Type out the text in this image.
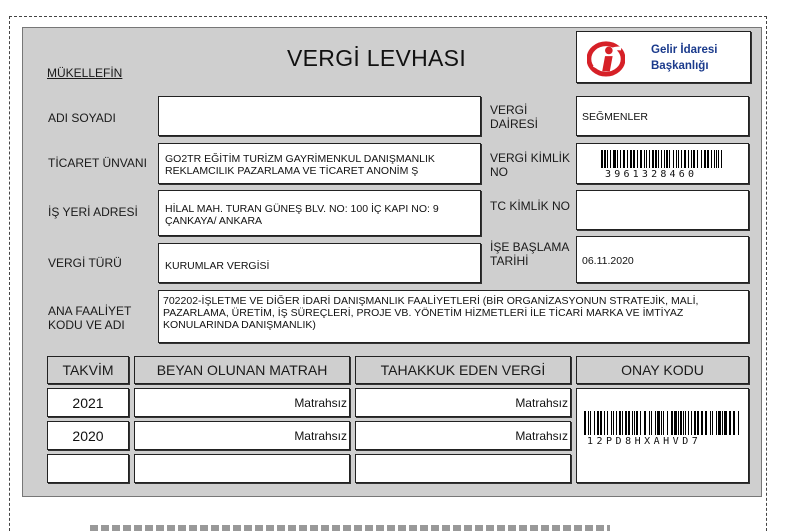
VERGİ LEVHASI
MÜKELLEFİN
Gelir İdaresi
Başkanlığı
ADI SOYADI
TİCARET ÜNVANI GO2TR EĞİTİM TURİZM GAYRİMENKUL DANIŞMANLIK
REKLAMCILIK PAZARLAMA VE TİCARET ANONİM Ş
İŞ YERİ ADRESİ	HİLAL MAH. TURAN GÜNEŞ BLV. NO: 100 İÇ KAPI NO: 9
ÇANKAYA/ ANKARA
VERGİ TÜRÜ	KURUMLAR VERGİSİ
ANA FAALİYET
KODU VE ADI
702202-İŞLETME VE DİĞER İDARİ DANIŞMANLIK FAALİYETLERİ (BİR ORGANİZASYONUN STRATEJİK, MALİ,
PAZARLAMA, ÜRETİM, İŞ SÜREÇLERİ, PROJE VB. YÖNETİM HİZMETLERİ İLE TİCARİ MARKA VE İMTİYAZ
KONULARINDA DANIŞMANLIK)
VERGİ
DAİRESİ	SEĞMENLER
VERGİ KİMLİK
NO	3961328460
TC KİMLİK NO
İŞE BAŞLAMA
TARİHİ	06.11.2020
TAKVİM	BEYAN OLUNAN MATRAH	TAHAKKUK EDEN VERGİ	ONAY KODU
2021	Matrahsız	Matrahsız
2020	Matrahsız	Matrahsız	12PD8HXAHVD7
